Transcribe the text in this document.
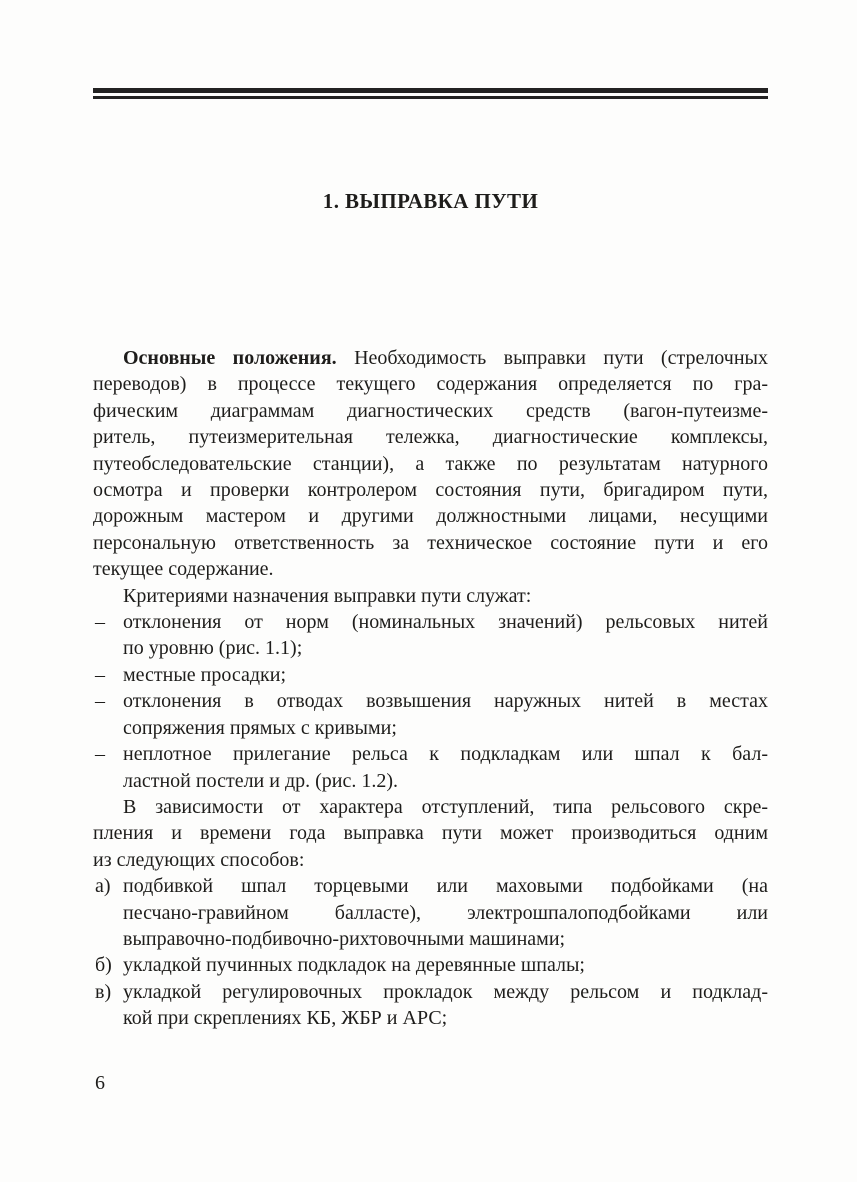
1. ВЫПРАВКА ПУТИ
Основные положения. Необходимость выправки пути (стрелочных
переводов) в процессе текущего содержания определяется по гра-
фическим диаграммам диагностических средств (вагон-путеизме-
ритель, путеизмерительная тележка, диагностические комплексы,
путеобследовательские станции), а также по результатам натурного
осмотра и проверки контролером состояния пути, бригадиром пути,
дорожным мастером и другими должностными лицами, несущими
персональную ответственность за техническое состояние пути и его
текущее содержание.
Критериями назначения выправки пути служат:
– отклонения от норм (номинальных значений) рельсовых нитей
по уровню (рис. 1.1);
– местные просадки;
– отклонения в отводах возвышения наружных нитей в местах
сопряжения прямых с кривыми;
– неплотное прилегание рельса к подкладкам или шпал к бал-
ластной постели и др. (рис. 1.2).
В зависимости от характера отступлений, типа рельсового скре-
пления и времени года выправка пути может производиться одним
из следующих способов:
а) подбивкой шпал торцевыми или маховыми подбойками (на
песчано-гравийном балласте), электрошпалоподбойками или
выправочно-подбивочно-рихтовочными машинами;
б) укладкой пучинных подкладок на деревянные шпалы;
в) укладкой регулировочных прокладок между рельсом и подклад-
кой при скреплениях КБ, ЖБР и АРС;
6
